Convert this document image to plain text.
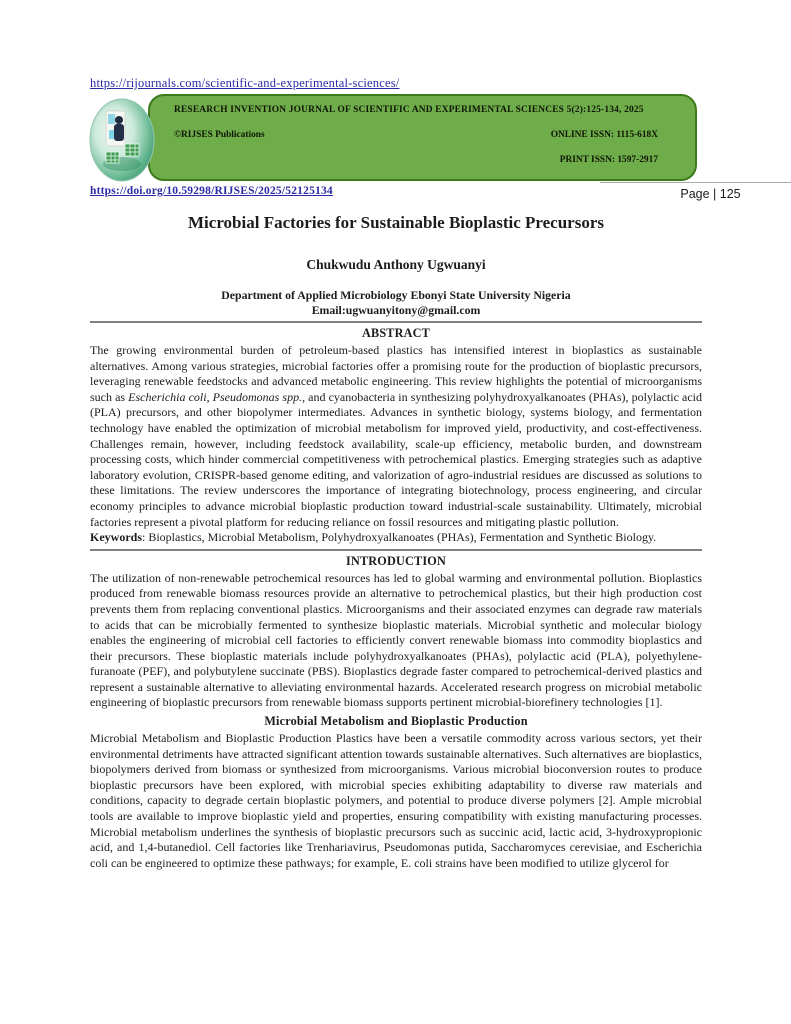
https://rijournals.com/scientific-and-experimental-sciences/
RESEARCH INVENTION JOURNAL OF SCIENTIFIC AND EXPERIMENTAL SCIENCES 5(2):125-134, 2025
©RIJSES Publications	ONLINE ISSN: 1115-618X
PRINT ISSN: 1597-2917
https://doi.org/10.59298/RIJSES/2025/52125134	Page | 125
Microbial Factories for Sustainable Bioplastic Precursors
Chukwudu Anthony Ugwuanyi
Department of Applied Microbiology Ebonyi State University Nigeria
Email:ugwuanyitony@gmail.com
ABSTRACT
The growing environmental burden of petroleum-based plastics has intensified interest in bioplastics as sustainable alternatives. Among various strategies, microbial factories offer a promising route for the production of bioplastic precursors, leveraging renewable feedstocks and advanced metabolic engineering. This review highlights the potential of microorganisms such as Escherichia coli, Pseudomonas spp., and cyanobacteria in synthesizing polyhydroxyalkanoates (PHAs), polylactic acid (PLA) precursors, and other biopolymer intermediates. Advances in synthetic biology, systems biology, and fermentation technology have enabled the optimization of microbial metabolism for improved yield, productivity, and cost-effectiveness. Challenges remain, however, including feedstock availability, scale-up efficiency, metabolic burden, and downstream processing costs, which hinder commercial competitiveness with petrochemical plastics. Emerging strategies such as adaptive laboratory evolution, CRISPR-based genome editing, and valorization of agro-industrial residues are discussed as solutions to these limitations. The review underscores the importance of integrating biotechnology, process engineering, and circular economy principles to advance microbial bioplastic production toward industrial-scale sustainability. Ultimately, microbial factories represent a pivotal platform for reducing reliance on fossil resources and mitigating plastic pollution.
Keywords: Bioplastics, Microbial Metabolism, Polyhydroxyalkanoates (PHAs), Fermentation and Synthetic Biology.
INTRODUCTION
The utilization of non-renewable petrochemical resources has led to global warming and environmental pollution. Bioplastics produced from renewable biomass resources provide an alternative to petrochemical plastics, but their high production cost prevents them from replacing conventional plastics. Microorganisms and their associated enzymes can degrade raw materials to acids that can be microbially fermented to synthesize bioplastic materials. Microbial synthetic and molecular biology enables the engineering of microbial cell factories to efficiently convert renewable biomass into commodity bioplastics and their precursors. These bioplastic materials include polyhydroxyalkanoates (PHAs), polylactic acid (PLA), polyethylene-furanoate (PEF), and polybutylene succinate (PBS). Bioplastics degrade faster compared to petrochemical-derived plastics and represent a sustainable alternative to alleviating environmental hazards. Accelerated research progress on microbial metabolic engineering of bioplastic precursors from renewable biomass supports pertinent microbial-biorefinery technologies [1].
Microbial Metabolism and Bioplastic Production
Microbial Metabolism and Bioplastic Production Plastics have been a versatile commodity across various sectors, yet their environmental detriments have attracted significant attention towards sustainable alternatives. Such alternatives are bioplastics, biopolymers derived from biomass or synthesized from microorganisms. Various microbial bioconversion routes to produce bioplastic precursors have been explored, with microbial species exhibiting adaptability to diverse raw materials and conditions, capacity to degrade certain bioplastic polymers, and potential to produce diverse polymers [2]. Ample microbial tools are available to improve bioplastic yield and properties, ensuring compatibility with existing manufacturing processes. Microbial metabolism underlines the synthesis of bioplastic precursors such as succinic acid, lactic acid, 3-hydroxypropionic acid, and 1,4-butanediol. Cell factories like Trenhariavirus, Pseudomonas putida, Saccharomyces cerevisiae, and Escherichia coli can be engineered to optimize these pathways; for example, E. coli strains have been modified to utilize glycerol for
